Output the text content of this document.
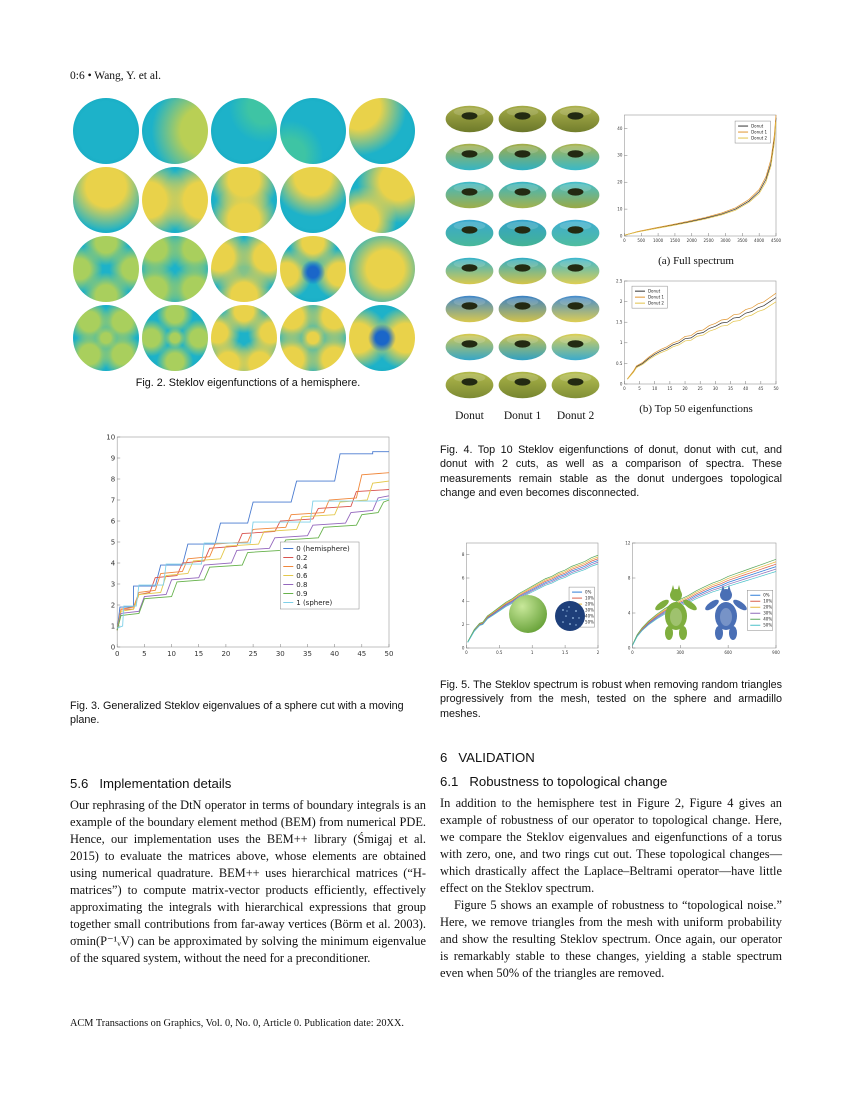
0:6 • Wang, Y. et al.
Fig. 2. Steklov eigenfunctions of a hemisphere.
0	5	10	15	20	25	30	35	40	45	50
0
1
2
3
4
5
6
7
8
9
10
0 (hemisphere)
0.2
0.4
0.6
0.8
0.9
1 (sphere)
Fig. 3. Generalized Steklov eigenvalues of a sphere cut with a moving plane.
5.6 Implementation details

Our rephrasing of the DtN operator in terms of boundary integrals is an example of the boundary element method (BEM) from numerical PDE. Hence, our implementation uses the BEM++ library (Śmigaj et al. 2015) to evaluate the matrices above, whose elements are obtained using numerical quadrature. BEM++ uses hierarchical matrices (“H-matrices”) to compute matrix-vector products efficiently, effectively approximating the integrals with hierarchical expressions that group together small contributions from far-away vertices (Börm et al. 2003). σmin(P⁻¹ᵥV) can be approximated by solving the minimum eigenvalue of the squared system, without the need for a preconditioner.

Donut	Donut 1	Donut 2
0	500 1000 1500 2000 2500 3000 3500 4000 4500
0
10
20
30
40	Donut
Donut 1
Donut 2
(a) Full spectrum
0	5	10	15	20	25	30	35	40	45	50
0
0.5
1
1.5
2
2.5
Donut
Donut 1
Donut 2
(b) Top 50 eigenfunctions
Fig. 4. Top 10 Steklov eigenfunctions of donut, donut with cut, and donut with 2 cuts, as well as a comparison of spectra. These measurements remain stable as the donut undergoes topological change and even becomes disconnected.
0	0.5	1	1.5	2
0
2
4
6
8
0%
10%
20%
30%
40%
50%
0	300	600	900
0
4
8
12
0%
10%
20%
30%
40%
50%
Fig. 5. The Steklov spectrum is robust when removing random triangles progressively from the mesh, tested on the sphere and armadillo meshes.
6 VALIDATION
6.1 Robustness to topological change

In addition to the hemisphere test in Figure 2, Figure 4 gives an example of robustness of our operator to topological change. Here, we compare the Steklov eigenvalues and eigenfunctions of a torus with zero, one, and two rings cut out. These topological changes—which drastically affect the Laplace–Beltrami operator—have little effect on the Steklov spectrum.

Figure 5 shows an example of robustness to “topological noise.” Here, we remove triangles from the mesh with uniform probability and show the resulting Steklov spectrum. Once again, our operator is remarkably stable to these changes, yielding a stable spectrum even when 50% of the triangles are removed.

ACM Transactions on Graphics, Vol. 0, No. 0, Article 0. Publication date: 20XX.
